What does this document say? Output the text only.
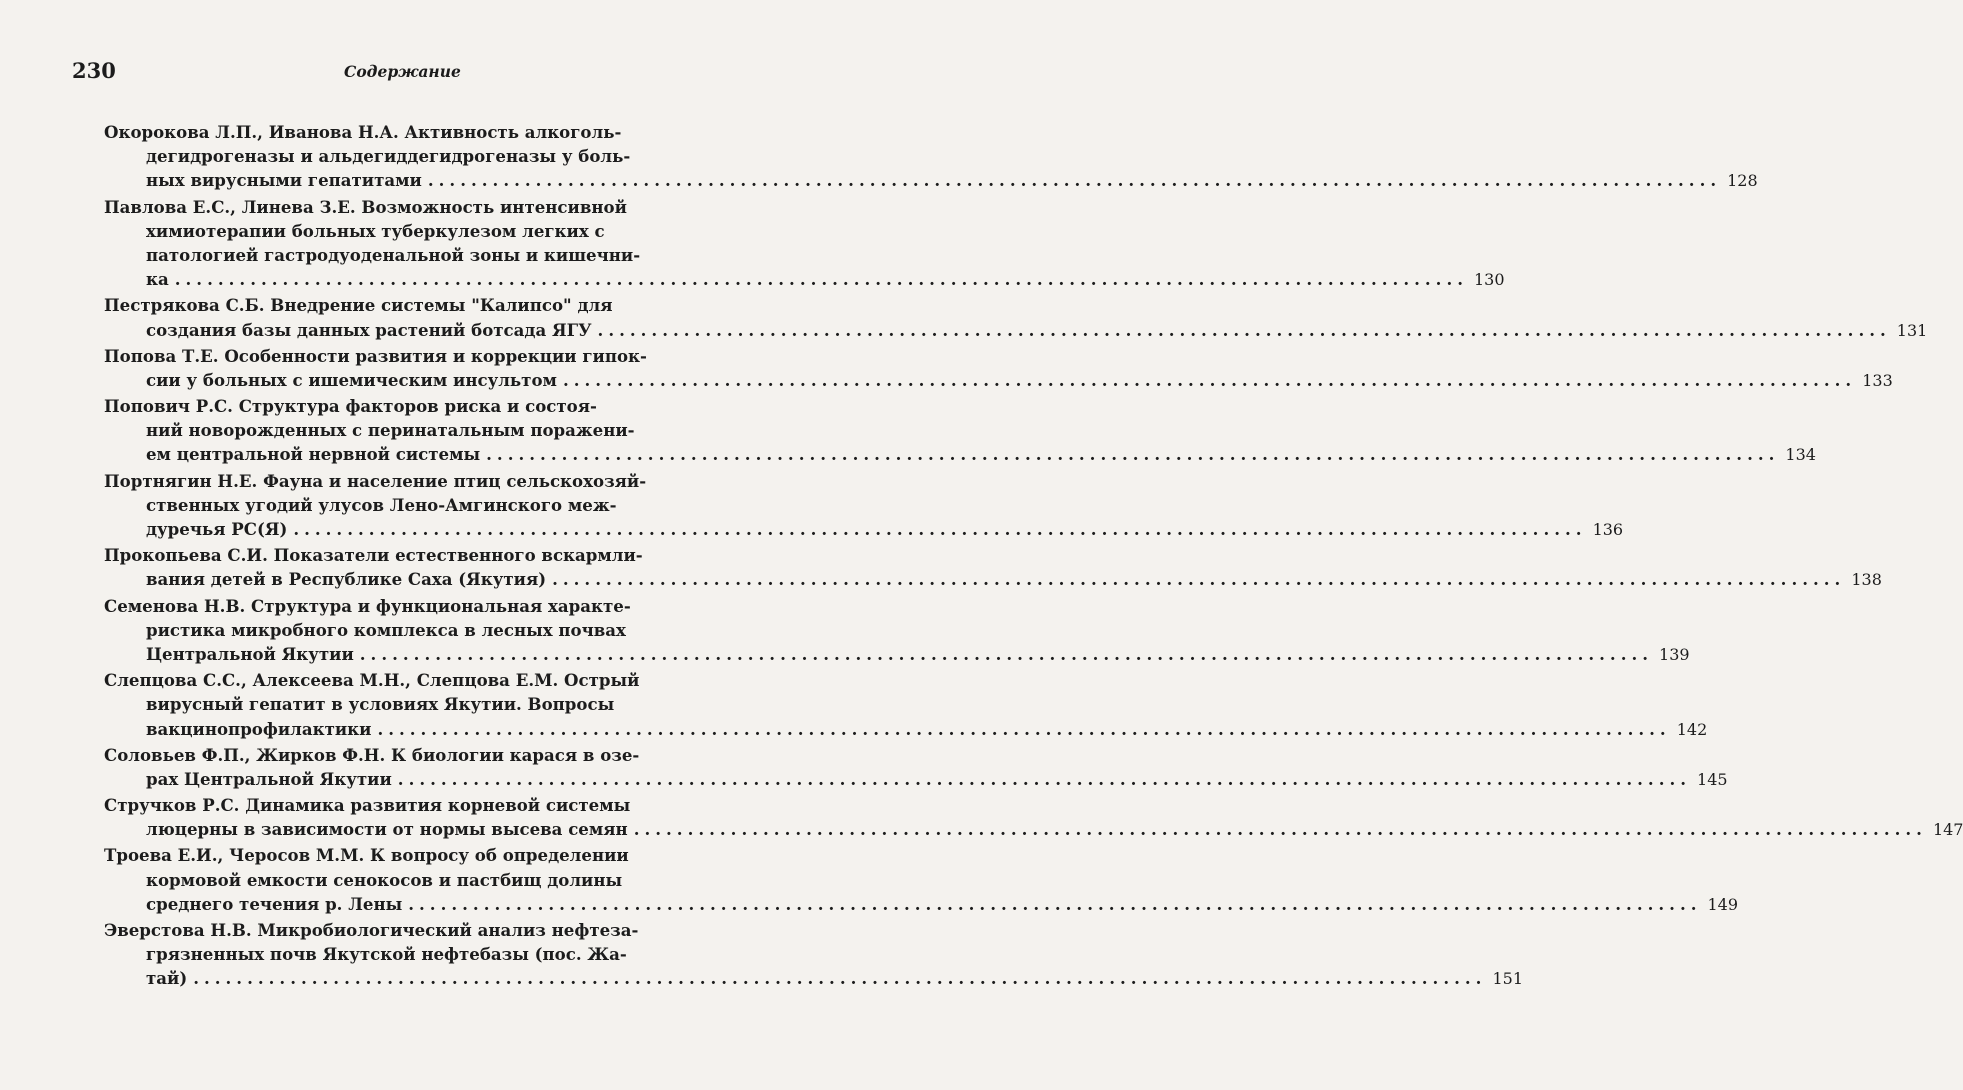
230	Содержание
Окорокова Л.П., Иванова Н.А. Активность алкоголь-
дегидрогеназы и альдегиддегидрогеназы у боль-
ных вирусными гепатитами ........................................................................................................................ 128
Павлова Е.С., Линева З.Е. Возможность интенсивной
химиотерапии больных туберкулезом легких с
патологией гастродуоденальной зоны и кишечни-
ка ........................................................................................................................ 130
Пестрякова С.Б. Внедрение системы "Калипсо" для
создания базы данных растений ботсада ЯГУ ........................................................................................................................ 131
Попова Т.Е. Особенности развития и коррекции гипок-
сии у больных с ишемическим инсультом ........................................................................................................................ 133
Попович Р.С. Структура факторов риска и состоя-
ний новорожденных с перинатальным поражени-
ем центральной нервной системы ........................................................................................................................ 134
Портнягин Н.Е. Фауна и население птиц сельскохозяй-
ственных угодий улусов Лено-Амгинского меж-
дуречья РС(Я) ........................................................................................................................ 136
Прокопьева С.И. Показатели естественного вскармли-
вания детей в Республике Саха (Якутия) ........................................................................................................................ 138
Семенова Н.В. Структура и функциональная характе-
ристика микробного комплекса в лесных почвах
Центральной Якутии ........................................................................................................................ 139
Слепцова С.С., Алексеева М.Н., Слепцова Е.М. Острый
вирусный гепатит в условиях Якутии. Вопросы
вакцинопрофилактики ........................................................................................................................ 142
Соловьев Ф.П., Жирков Ф.Н. К биологии карася в озе-
рах Центральной Якутии ........................................................................................................................ 145
Стручков Р.С. Динамика развития корневой системы
люцерны в зависимости от нормы высева семян ........................................................................................................................ 147
Троева Е.И., Черосов М.М. К вопросу об определении
кормовой емкости сенокосов и пастбищ долины
среднего течения р. Лены ........................................................................................................................ 149
Эверстова Н.В. Микробиологический анализ нефтеза-
грязненных почв Якутской нефтебазы (пос. Жа-
тай) ........................................................................................................................ 151
